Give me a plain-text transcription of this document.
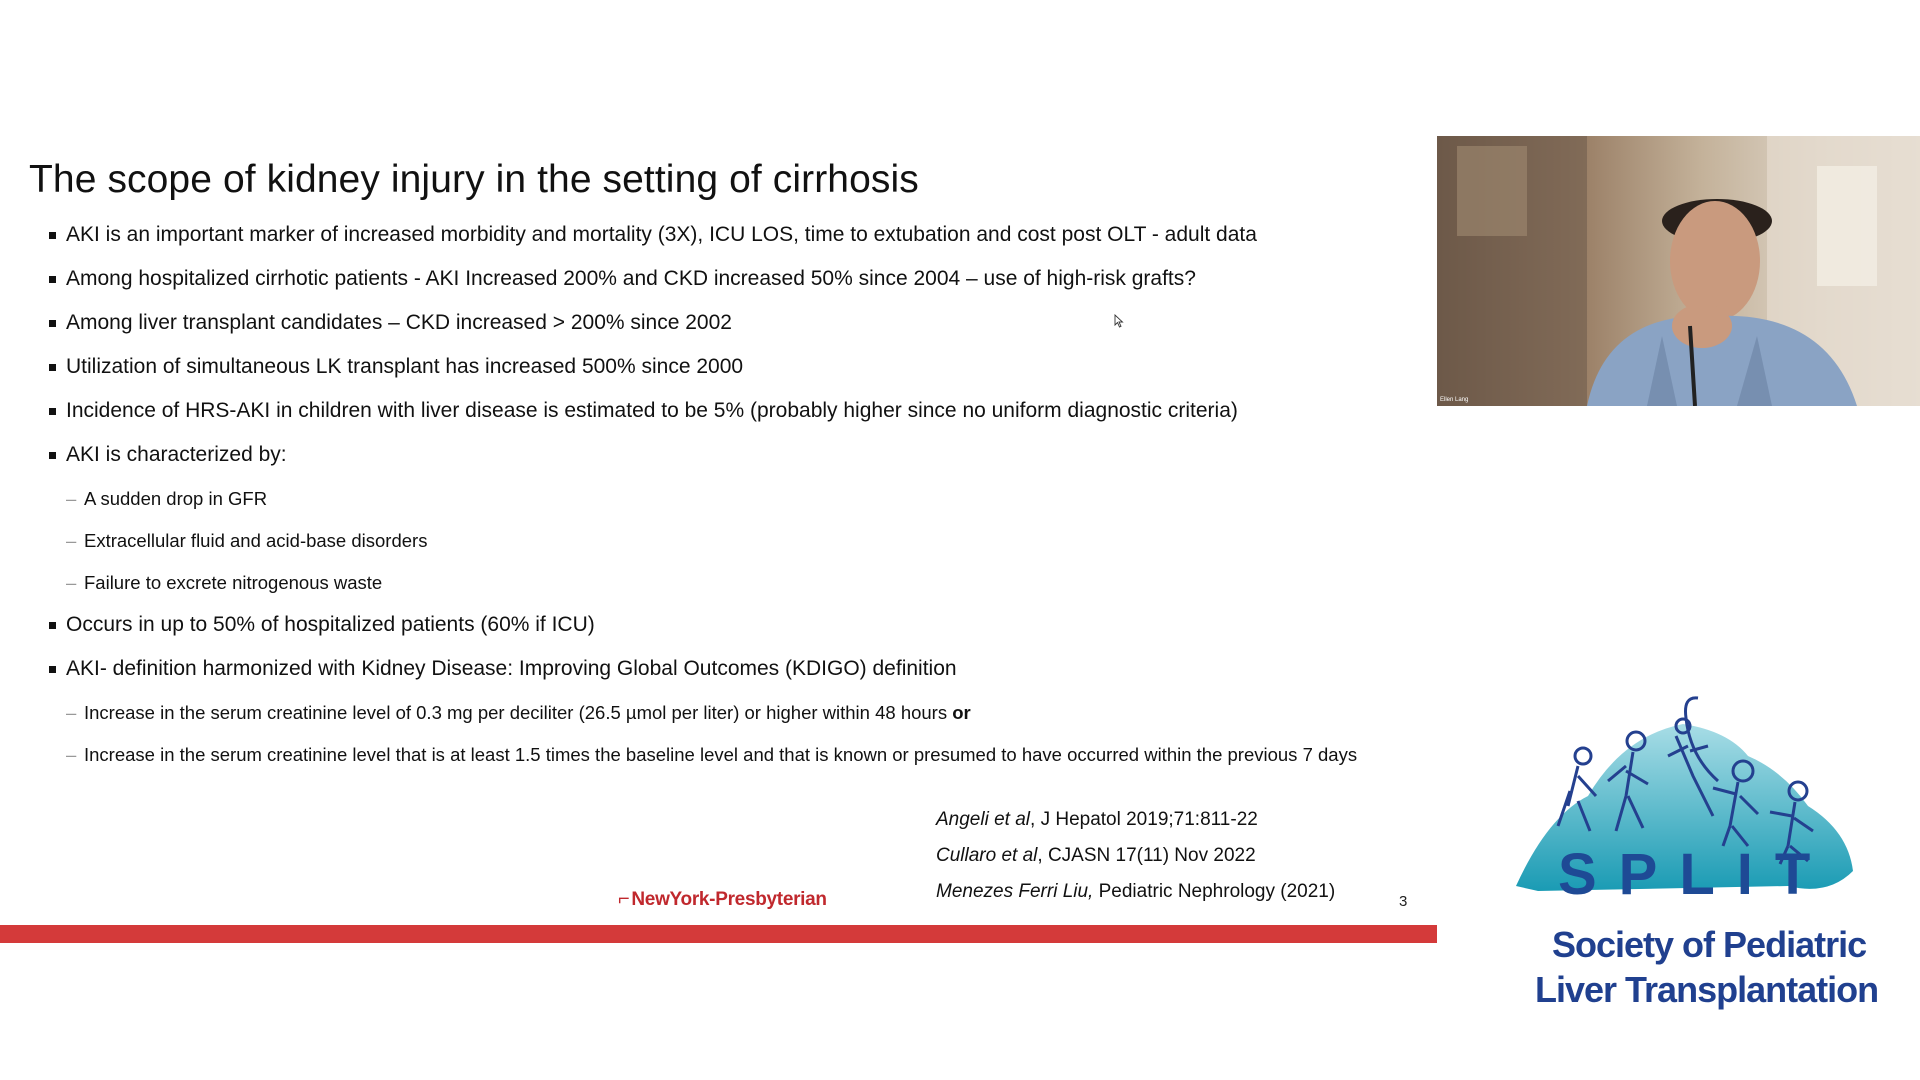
The scope of kidney injury in the setting of cirrhosis

AKI is an important marker of increased morbidity and mortality (3X), ICU LOS, time to extubation and cost post OLT - adult data

Among hospitalized cirrhotic patients - AKI Increased 200% and CKD increased 50% since 2004 – use of high-risk grafts?

Among liver transplant candidates – CKD increased > 200% since 2002

Utilization of simultaneous LK transplant has increased 500% since 2000

Incidence of HRS-AKI in children with liver disease is estimated to be 5% (probably higher since no uniform diagnostic criteria)

AKI is characterized by:

– A sudden drop in GFR

– Extracellular fluid and acid-base disorders

– Failure to excrete nitrogenous waste

Occurs in up to 50% of hospitalized patients (60% if ICU)

AKI- definition harmonized with Kidney Disease: Improving Global Outcomes (KDIGO) definition

– Increase in the serum creatinine level of 0.3 mg per deciliter (26.5 µmol per liter) or higher within 48 hours or

– Increase in the serum creatinine level that is at least 1.5 times the baseline level and that is known or presumed to have occurred within the previous 7 days

Angeli et al, J Hepatol 2019;71:811-22
Cullaro et al, CJASN 17(11) Nov 2022
Menezes Ferri Liu, Pediatric Nephrology (2021)
⌐ NewYork-Presbyterian	3
Ellen Lang
SPLIT
Society of Pediatric
Liver Transplantation
